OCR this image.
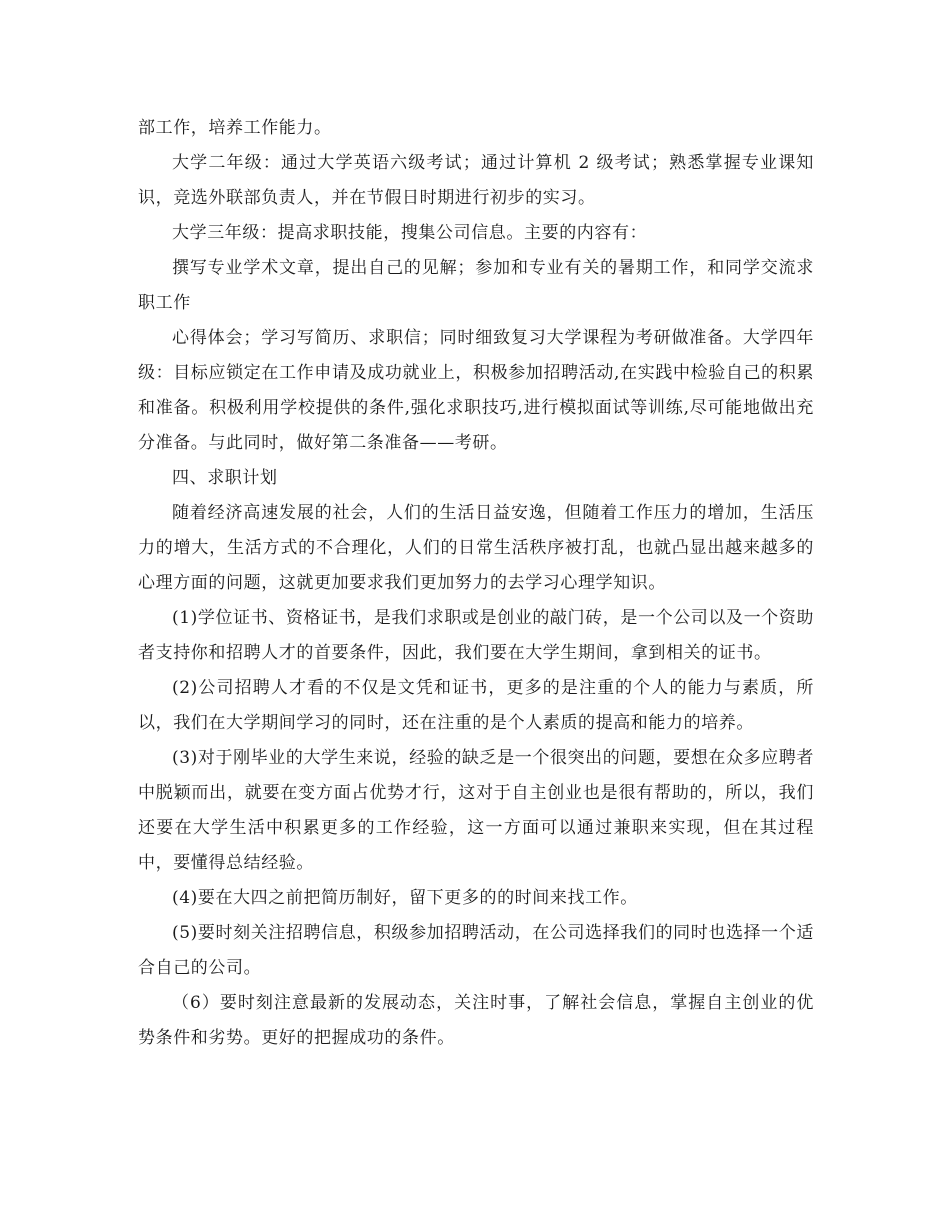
部工作，培养工作能力。

大学二年级：通过大学英语六级考试；通过计算机 2 级考试；熟悉掌握专业课知识，竞选外联部负责人，并在节假日时期进行初步的实习。

大学三年级：提高求职技能，搜集公司信息。主要的内容有：

撰写专业学术文章，提出自己的见解；参加和专业有关的暑期工作，和同学交流求职工作

心得体会；学习写简历、求职信；同时细致复习大学课程为考研做准备。大学四年级：目标应锁定在工作申请及成功就业上，积极参加招聘活动,在实践中检验自己的积累和准备。积极利用学校提供的条件,强化求职技巧,进行模拟面试等训练,尽可能地做出充分准备。与此同时，做好第二条准备——考研。

四、求职计划

随着经济高速发展的社会，人们的生活日益安逸，但随着工作压力的增加，生活压力的增大，生活方式的不合理化，人们的日常生活秩序被打乱，也就凸显出越来越多的心理方面的问题，这就更加要求我们更加努力的去学习心理学知识。

(1)学位证书、资格证书，是我们求职或是创业的敲门砖，是一个公司以及一个资助者支持你和招聘人才的首要条件，因此，我们要在大学生期间，拿到相关的证书。

(2)公司招聘人才看的不仅是文凭和证书，更多的是注重的个人的能力与素质，所以，我们在大学期间学习的同时，还在注重的是个人素质的提高和能力的培养。

(3)对于刚毕业的大学生来说，经验的缺乏是一个很突出的问题，要想在众多应聘者中脱颖而出，就要在变方面占优势才行，这对于自主创业也是很有帮助的，所以，我们还要在大学生活中积累更多的工作经验，这一方面可以通过兼职来实现，但在其过程中，要懂得总结经验。

(4)要在大四之前把简历制好，留下更多的的时间来找工作。

(5)要时刻关注招聘信息，积级参加招聘活动，在公司选择我们的同时也选择一个适合自己的公司。

（6）要时刻注意最新的发展动态，关注时事，了解社会信息，掌握自主创业的优势条件和劣势。更好的把握成功的条件。
